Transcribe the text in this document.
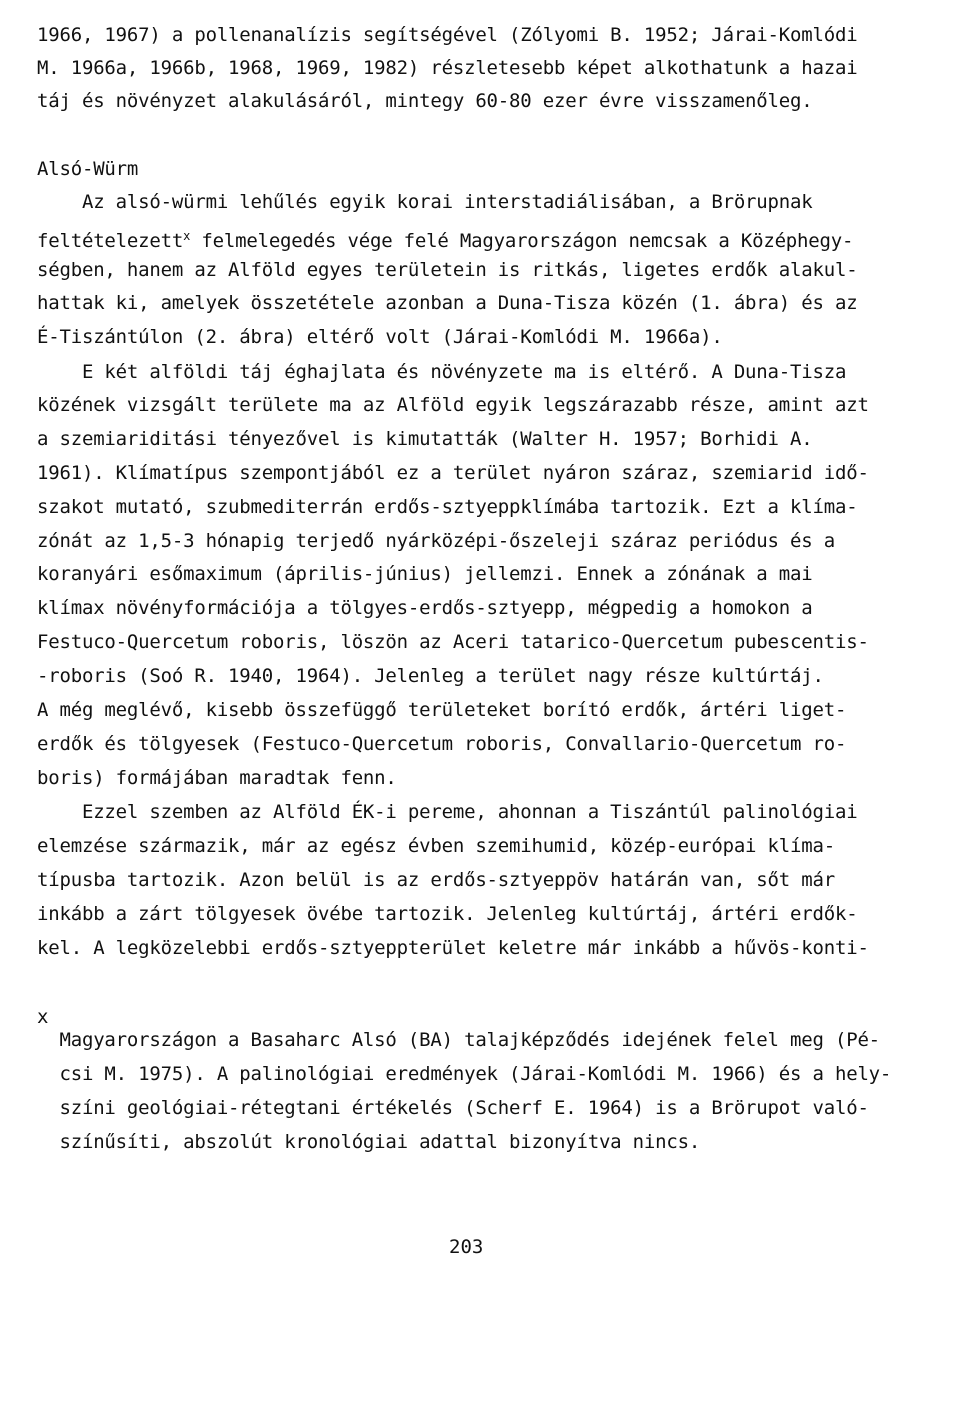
1966, 1967) a pollenanalízis segítségével (Zólyomi B. 1952; Járai-Komlódi
M. 1966a, 1966b, 1968, 1969, 1982) részletesebb képet alkothatunk a hazai
táj és növényzet alakulásáról, mintegy 60-80 ezer évre visszamenőleg.
Alsó-Würm
Az alsó-würmi lehűlés egyik korai interstadiálisában, a Brörupnak
feltételezett$^x$ felmelegedés vége felé Magyarországon nemcsak a Középhegy-
ségben, hanem az Alföld egyes területein is ritkás, ligetes erdők alakul-
hattak ki, amelyek összetétele azonban a Duna-Tisza közén (1. ábra) és az
É-Tiszántúlon (2. ábra) eltérő volt (Járai-Komlódi M. 1966a).
E két alföldi táj éghajlata és növényzete ma is eltérő. A Duna-Tisza
közének vizsgált területe ma az Alföld egyik legszárazabb része, amint azt
a szemiariditási tényezővel is kimutatták (Walter H. 1957; Borhidi A.
1961). Klímatípus szempontjából ez a terület nyáron száraz, szemiarid idő-
szakot mutató, szubmediterrán erdős-sztyeppklímába tartozik. Ezt a klíma-
zónát az 1,5-3 hónapig terjedő nyárközépi-őszeleji száraz periódus és a
koranyári esőmaximum (április-június) jellemzi. Ennek a zónának a mai
klímax növényformációja a tölgyes-erdős-sztyepp, mégpedig a homokon a
Festuco-Quercetum roboris, löszön az Aceri tatarico-Quercetum pubescentis-
-roboris (Soó R. 1940, 1964). Jelenleg a terület nagy része kultúrtáj.
A még meglévő, kisebb összefüggő területeket borító erdők, ártéri liget-
erdők és tölgyesek (Festuco-Quercetum roboris, Convallario-Quercetum ro-
boris) formájában maradtak fenn.
Ezzel szemben az Alföld ÉK-i pereme, ahonnan a Tiszántúl palinológiai
elemzése származik, már az egész évben szemihumid, közép-európai klíma-
típusba tartozik. Azon belül is az erdős-sztyeppöv határán van, sőt már
inkább a zárt tölgyesek övébe tartozik. Jelenleg kultúrtáj, ártéri erdők-
kel. A legközelebbi erdős-sztyeppterület keletre már inkább a hűvös-konti-
x
Magyarországon a Basaharc Alsó (BA) talajképződés idejének felel meg (Pé-
csi M. 1975). A palinológiai eredmények (Járai-Komlódi M. 1966) és a hely-
színi geológiai-rétegtani értékelés (Scherf E. 1964) is a Brörupot való-
színűsíti, abszolút kronológiai adattal bizonyítva nincs.
203
